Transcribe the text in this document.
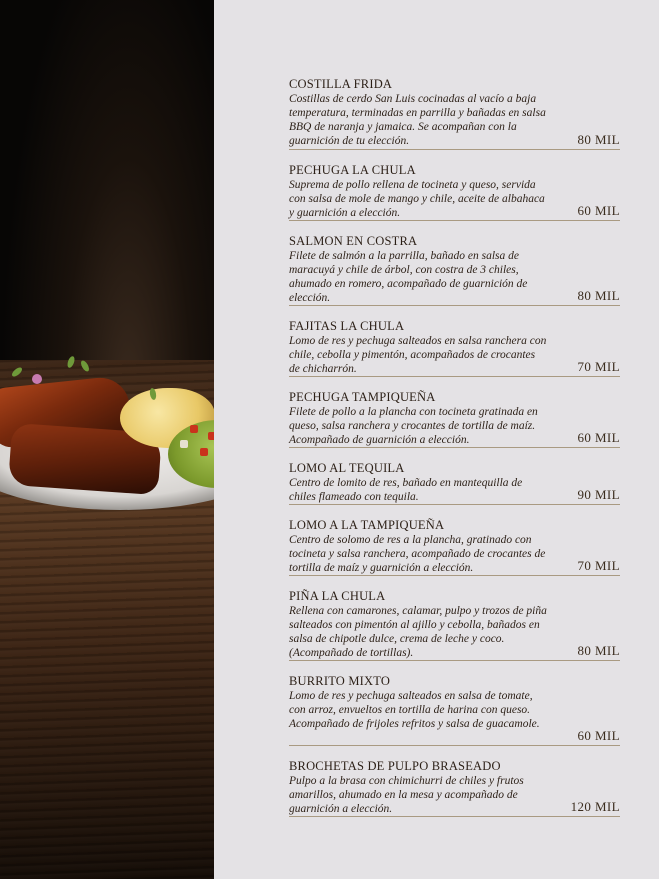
COSTILLA FRIDA
Costillas de cerdo San Luis cocinadas al vacío a baja temperatura, terminadas en parrilla y bañadas en salsa BBQ de naranja y jamaica. Se acompañan con la guarnición de tu elección.	80 MIL
PECHUGA LA CHULA
Suprema de pollo rellena de tocineta y queso, servida con salsa de mole de mango y chile, aceite de albahaca y guarnición a elección.	60 MIL
SALMON EN COSTRA
Filete de salmón a la parrilla, bañado en salsa de maracuyá y chile de árbol, con costra de 3 chiles, ahumado en romero, acompañado de guarnición de elección.	80 MIL
FAJITAS LA CHULA
Lomo de res y pechuga salteados en salsa ranchera con chile, cebolla y pimentón, acompañados de crocantes de chicharrón.	70 MIL
PECHUGA TAMPIQUEÑA
Filete de pollo a la plancha con tocineta gratinada en queso, salsa ranchera y crocantes de tortilla de maíz. Acompañado de guarnición a elección.	60 MIL
LOMO AL TEQUILA
Centro de lomito de res, bañado en mantequilla de chiles flameado con tequila.	90 MIL
LOMO A LA TAMPIQUEÑA
Centro de solomo de res a la plancha, gratinado con tocineta y salsa ranchera, acompañado de crocantes de tortilla de maíz y guarnición a elección.	70 MIL
PIÑA LA CHULA
Rellena con camarones, calamar, pulpo y trozos de piña salteados con pimentón al ajillo y cebolla, bañados en salsa de chipotle dulce, crema de leche y coco. (Acompañado de tortillas).	80 MIL
BURRITO MIXTO
Lomo de res y pechuga salteados en salsa de tomate, con arroz, envueltos en tortilla de harina con queso. Acompañado de frijoles refritos y salsa de guacamole.
60 MIL
BROCHETAS DE PULPO BRASEADO
Pulpo a la brasa con chimichurri de chiles y frutos amarillos, ahumado en la mesa y acompañado de guarnición a elección.	120 MIL
